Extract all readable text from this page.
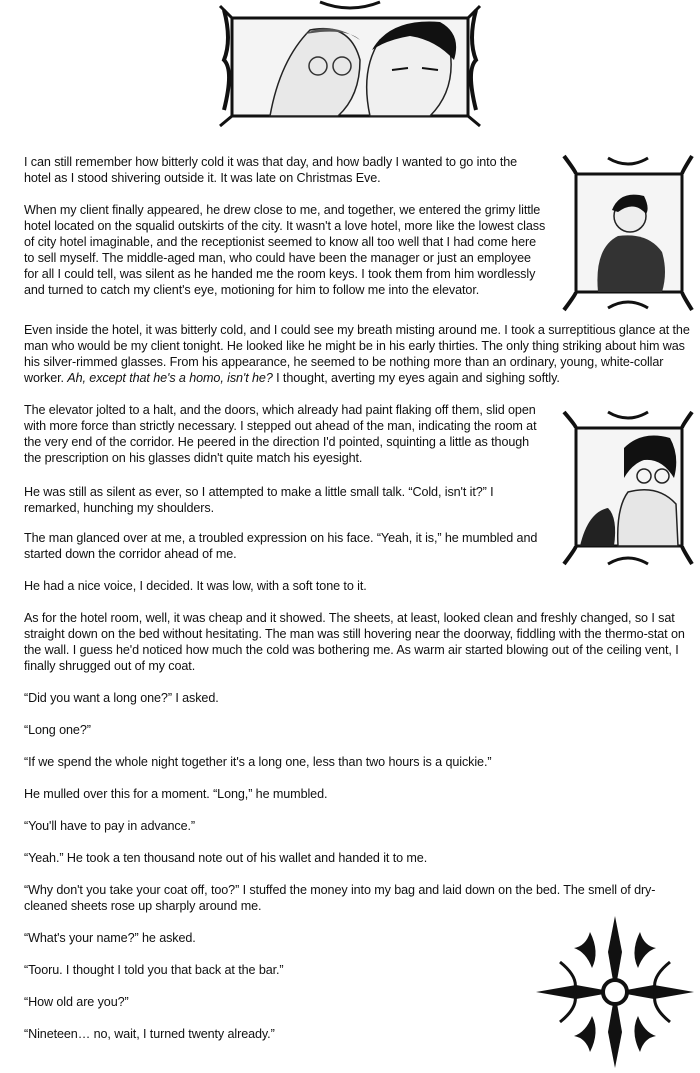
I can still remember how bitterly cold it was that day, and how badly I wanted to go into the hotel as I stood shivering outside it. It was late on Christmas Eve.

When my client finally appeared, he drew close to me, and together, we entered the grimy little hotel located on the squalid outskirts of the city. It wasn't a love hotel, more like the lowest class of city hotel imaginable, and the receptionist seemed to know all too well that I had come here to sell myself. The middle-aged man, who could have been the manager or just an employee for all I could tell, was silent as he handed me the room keys. I took them from him wordlessly and turned to catch my client's eye, motioning for him to follow me into the elevator.

Even inside the hotel, it was bitterly cold, and I could see my breath misting around me. I took a surreptitious glance at the man who would be my client tonight. He looked like he might be in his early thirties. The only thing striking about him was his silver-rimmed glasses. From his appearance, he seemed to be nothing more than an ordinary, young, white-collar worker. Ah, except that he's a homo, isn't he? I thought, averting my eyes again and sighing softly.

The elevator jolted to a halt, and the doors, which already had paint flaking off them, slid open with more force than strictly necessary. I stepped out ahead of the man, indicating the room at the very end of the corridor. He peered in the direction I'd pointed, squinting a little as though the prescription on his glasses didn't quite match his eyesight.

He was still as silent as ever, so I attempted to make a little small talk. “Cold, isn't it?” I remarked, hunching my shoulders.

The man glanced over at me, a troubled expression on his face. “Yeah, it is,” he mumbled and started down the corridor ahead of me.

He had a nice voice, I decided. It was low, with a soft tone to it.

As for the hotel room, well, it was cheap and it showed. The sheets, at least, looked clean and freshly changed, so I sat straight down on the bed without hesitating. The man was still hovering near the doorway, fiddling with the thermo-stat on the wall. I guess he'd noticed how much the cold was bothering me. As warm air started blowing out of the ceiling vent, I finally shrugged out of my coat.

“Did you want a long one?” I asked.

“Long one?”

“If we spend the whole night together it's a long one, less than two hours is a quickie.”

He mulled over this for a moment. “Long,” he mumbled.

“You'll have to pay in advance.”

“Yeah.” He took a ten thousand note out of his wallet and handed it to me.

“Why don't you take your coat off, too?” I stuffed the money into my bag and laid down on the bed. The smell of dry-cleaned sheets rose up sharply around me.

“What's your name?” he asked.

“Tooru. I thought I told you that back at the bar.”

“How old are you?”

“Nineteen… no, wait, I turned twenty already.”
